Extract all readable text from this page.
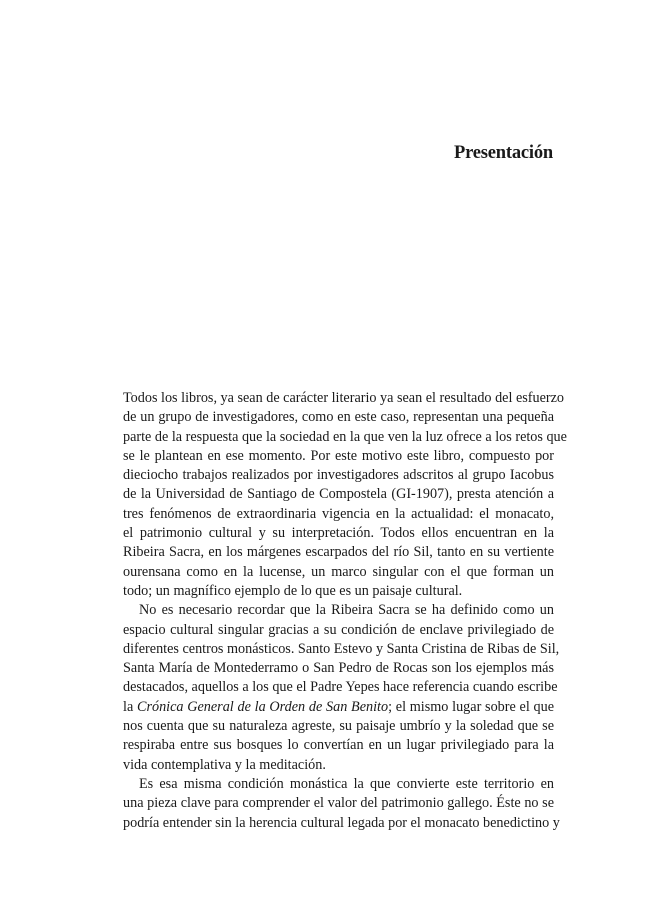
Presentación
Todos los libros, ya sean de carácter literario ya sean el resultado del esfuerzo
de un grupo de investigadores, como en este caso, representan una pequeña
parte de la respuesta que la sociedad en la que ven la luz ofrece a los retos que
se le plantean en ese momento. Por este motivo este libro, compuesto por
dieciocho trabajos realizados por investigadores adscritos al grupo Iacobus
de la Universidad de Santiago de Compostela (GI-1907), presta atención a
tres fenómenos de extraordinaria vigencia en la actualidad: el monacato,
el patrimonio cultural y su interpretación. Todos ellos encuentran en la
Ribeira Sacra, en los márgenes escarpados del río Sil, tanto en su vertiente
ourensana como en la lucense, un marco singular con el que forman un
todo; un magnífico ejemplo de lo que es un paisaje cultural.
No es necesario recordar que la Ribeira Sacra se ha definido como un
espacio cultural singular gracias a su condición de enclave privilegiado de
diferentes centros monásticos. Santo Estevo y Santa Cristina de Ribas de Sil,
Santa María de Montederramo o San Pedro de Rocas son los ejemplos más
destacados, aquellos a los que el Padre Yepes hace referencia cuando escribe
la Crónica General de la Orden de San Benito; el mismo lugar sobre el que
nos cuenta que su naturaleza agreste, su paisaje umbrío y la soledad que se
respiraba entre sus bosques lo convertían en un lugar privilegiado para la
vida contemplativa y la meditación.
Es esa misma condición monástica la que convierte este territorio en
una pieza clave para comprender el valor del patrimonio gallego. Éste no se
podría entender sin la herencia cultural legada por el monacato benedictino y
